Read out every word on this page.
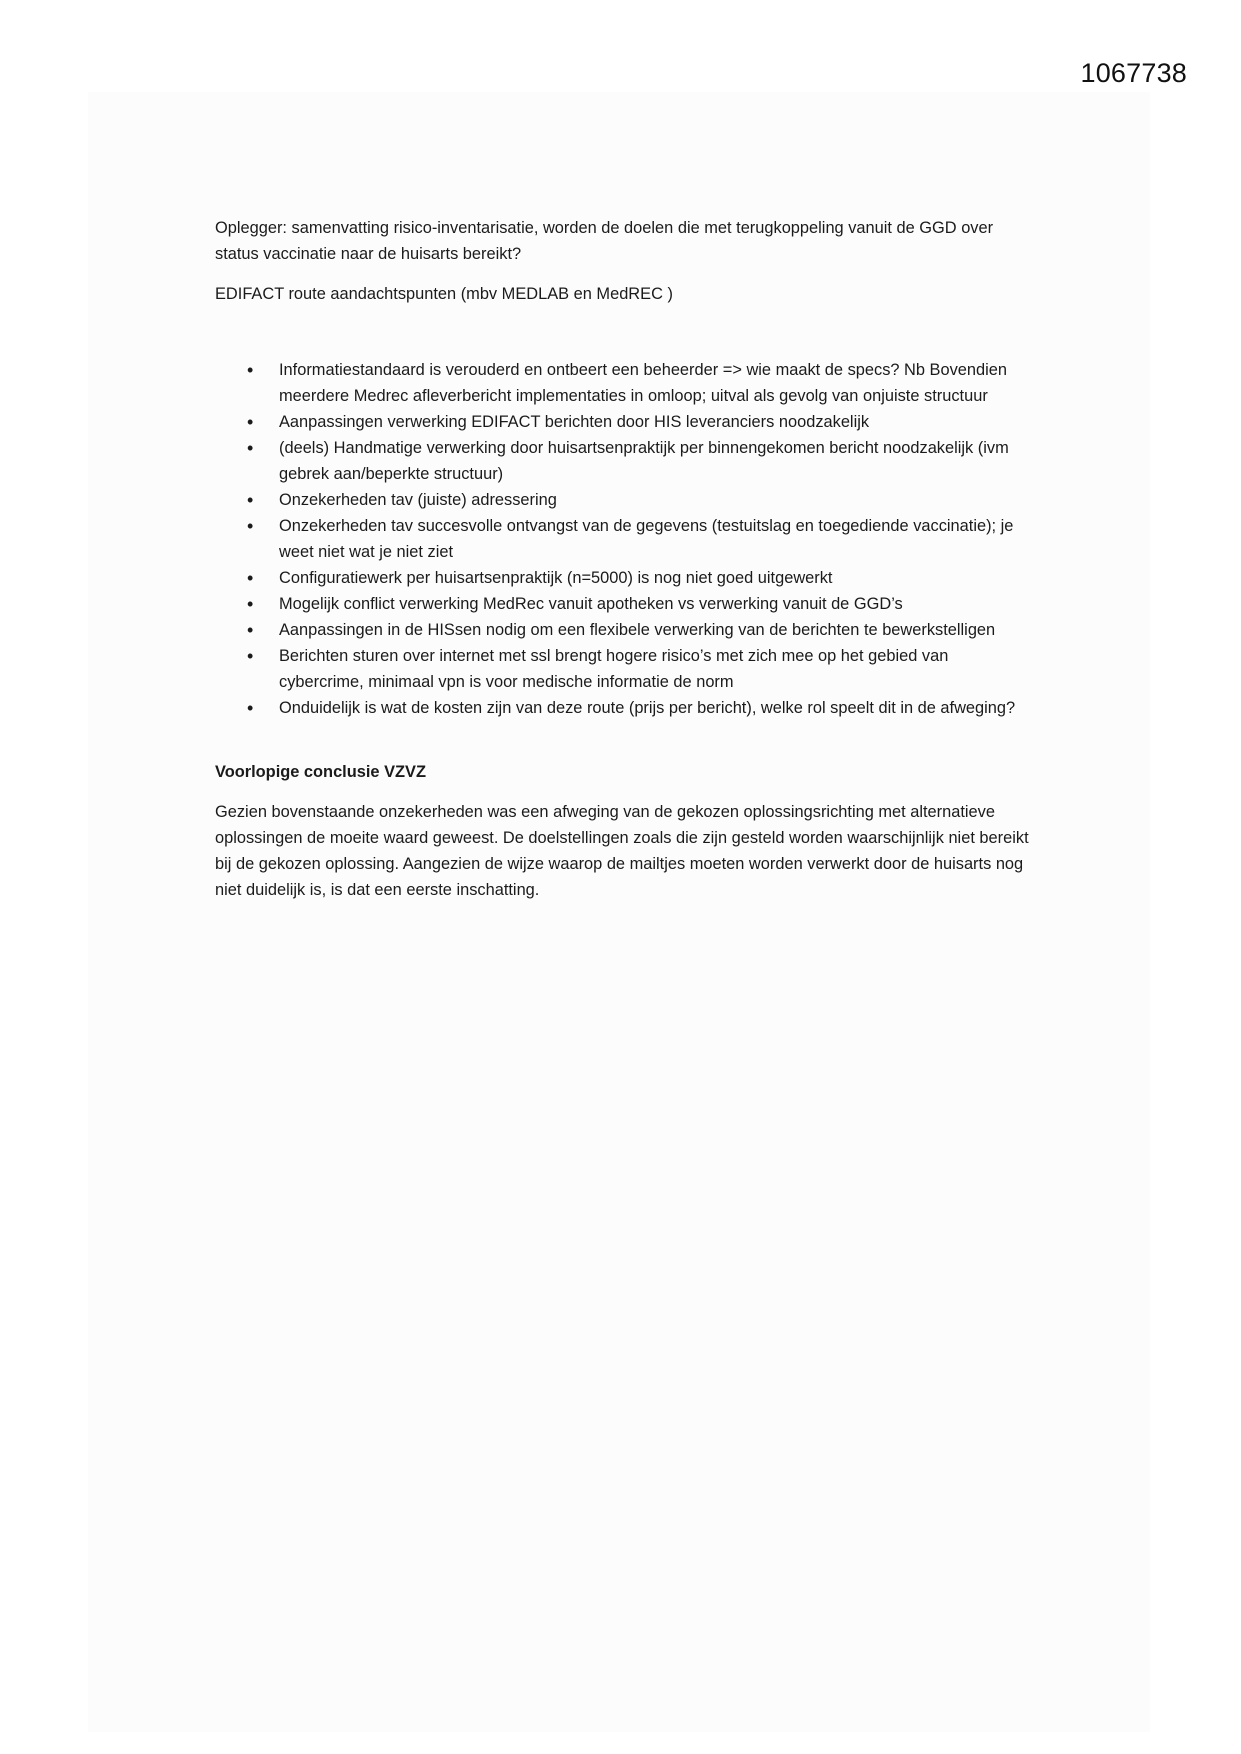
1067738

Oplegger: samenvatting risico-inventarisatie, worden de doelen die met terugkoppeling vanuit de GGD over status vaccinatie naar de huisarts bereikt?

EDIFACT route aandachtspunten (mbv MEDLAB en MedREC )

• Informatiestandaard is verouderd en ontbeert een beheerder => wie maakt de specs? Nb Bovendien meerdere Medrec afleverbericht implementaties in omloop; uitval als gevolg van onjuiste structuur
• Aanpassingen verwerking EDIFACT berichten door HIS leveranciers noodzakelijk
• (deels) Handmatige verwerking door huisartsenpraktijk per binnengekomen bericht noodzakelijk (ivm gebrek aan/beperkte structuur)
• Onzekerheden tav (juiste) adressering
• Onzekerheden tav succesvolle ontvangst van de gegevens (testuitslag en toegediende vaccinatie); je weet niet wat je niet ziet
• Configuratiewerk per huisartsenpraktijk (n=5000) is nog niet goed uitgewerkt
• Mogelijk conflict verwerking MedRec vanuit apotheken vs verwerking vanuit de GGD’s
• Aanpassingen in de HISsen nodig om een flexibele verwerking van de berichten te bewerkstelligen
• Berichten sturen over internet met ssl brengt hogere risico’s met zich mee op het gebied van cybercrime, minimaal vpn is voor medische informatie de norm
• Onduidelijk is wat de kosten zijn van deze route (prijs per bericht), welke rol speelt dit in de afweging?

Voorlopige conclusie VZVZ

Gezien bovenstaande onzekerheden was een afweging van de gekozen oplossingsrichting met alternatieve oplossingen de moeite waard geweest. De doelstellingen zoals die zijn gesteld worden waarschijnlijk niet bereikt bij de gekozen oplossing. Aangezien de wijze waarop de mailtjes moeten worden verwerkt door de huisarts nog niet duidelijk is, is dat een eerste inschatting.
